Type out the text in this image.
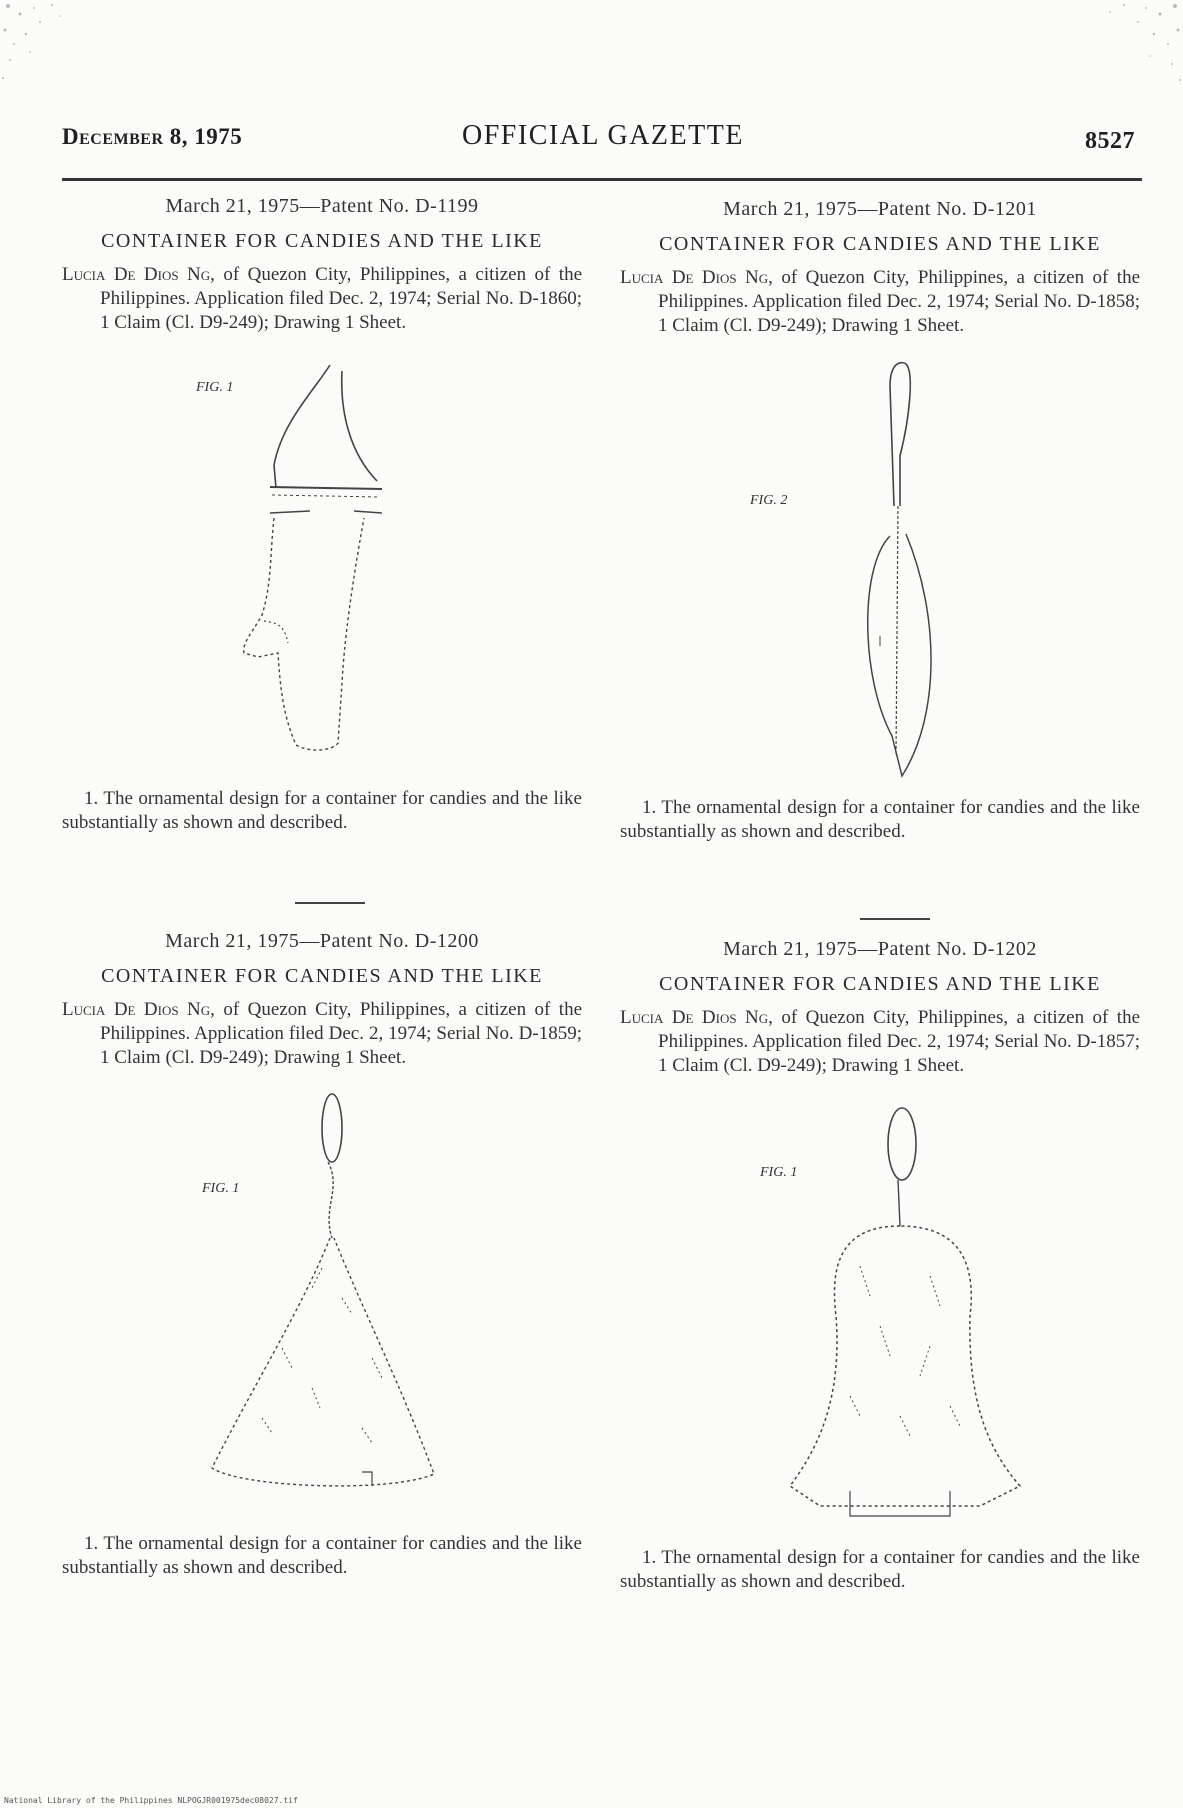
December 8, 1975	OFFICIAL GAZETTE	8527
March 21, 1975—Patent No. D-1199
CONTAINER FOR CANDIES AND THE LIKE
Lucia De Dios Ng, of Quezon City, Philippines, a citizen of the Philippines. Application filed Dec. 2, 1974; Serial No. D-1860; 1 Claim (Cl. D9-249); Drawing 1 Sheet.
FIG. 1
1. The ornamental design for a container for candies and the like substantially as shown and described.
March 21, 1975—Patent No. D-1201
CONTAINER FOR CANDIES AND THE LIKE
Lucia De Dios Ng, of Quezon City, Philippines, a citizen of the Philippines. Application filed Dec. 2, 1974; Serial No. D-1858; 1 Claim (Cl. D9-249); Drawing 1 Sheet.
FIG. 2
1. The ornamental design for a container for candies and the like substantially as shown and described.
March 21, 1975—Patent No. D-1200
CONTAINER FOR CANDIES AND THE LIKE
Lucia De Dios Ng, of Quezon City, Philippines, a citizen of the Philippines. Application filed Dec. 2, 1974; Serial No. D-1859; 1 Claim (Cl. D9-249); Drawing 1 Sheet.
FIG. 1
1. The ornamental design for a container for candies and the like substantially as shown and described.
March 21, 1975—Patent No. D-1202
CONTAINER FOR CANDIES AND THE LIKE
Lucia De Dios Ng, of Quezon City, Philippines, a citizen of the Philippines. Application filed Dec. 2, 1974; Serial No. D-1857; 1 Claim (Cl. D9-249); Drawing 1 Sheet.
FIG. 1
1. The ornamental design for a container for candies and the like substantially as shown and described.
National Library of the Philippines NLPOGJR001975dec08027.tif
